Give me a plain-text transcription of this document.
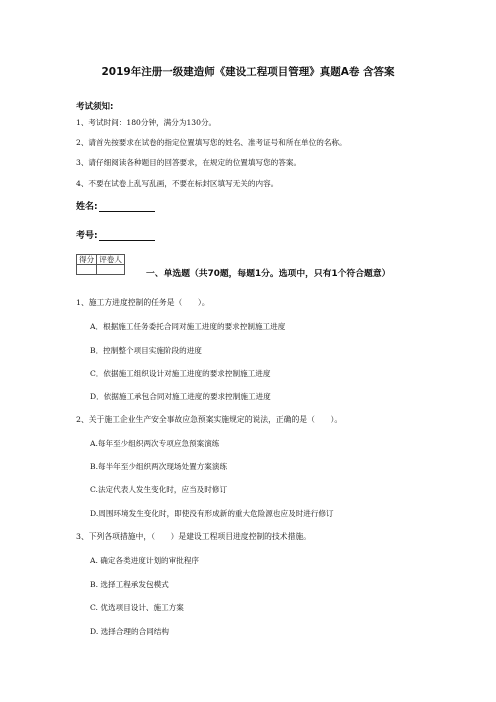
2019年注册一级建造师《建设工程项目管理》真题A卷 含答案
考试须知:
1、考试时间：180分钟，满分为130分。
2、请首先按要求在试卷的指定位置填写您的姓名、准考证号和所在单位的名称。
3、请仔细阅读各种题目的回答要求，在规定的位置填写您的答案。
4、不要在试卷上乱写乱画，不要在标封区填写无关的内容。
姓名:
考号:
得分	评卷人

一、单选题（共70题，每题1分。选项中，只有1个符合题意）
1、施工方进度控制的任务是（　　）。
A．根据施工任务委托合同对施工进度的要求控制施工进度
B．控制整个项目实施阶段的进度
C．依据施工组织设计对施工进度的要求控制施工进度
D．依据施工承包合同对施工进度的要求控制施工进度
2、关于施工企业生产安全事故应急预案实施规定的说法，正确的是（　　）。
A.每年至少组织两次专项应急预案演练
B.每半年至少组织两次现场处置方案演练
C.法定代表人发生变化时，应当及时修订
D.周围环境发生变化时，即使没有形成新的重大危险源也应及时进行修订
3、下列各项措施中，（　　）是建设工程项目进度控制的技术措施。
A. 确定各类进度计划的审批程序
B. 选择工程承发包模式
C. 优选项目设计、施工方案
D. 选择合理的合同结构
